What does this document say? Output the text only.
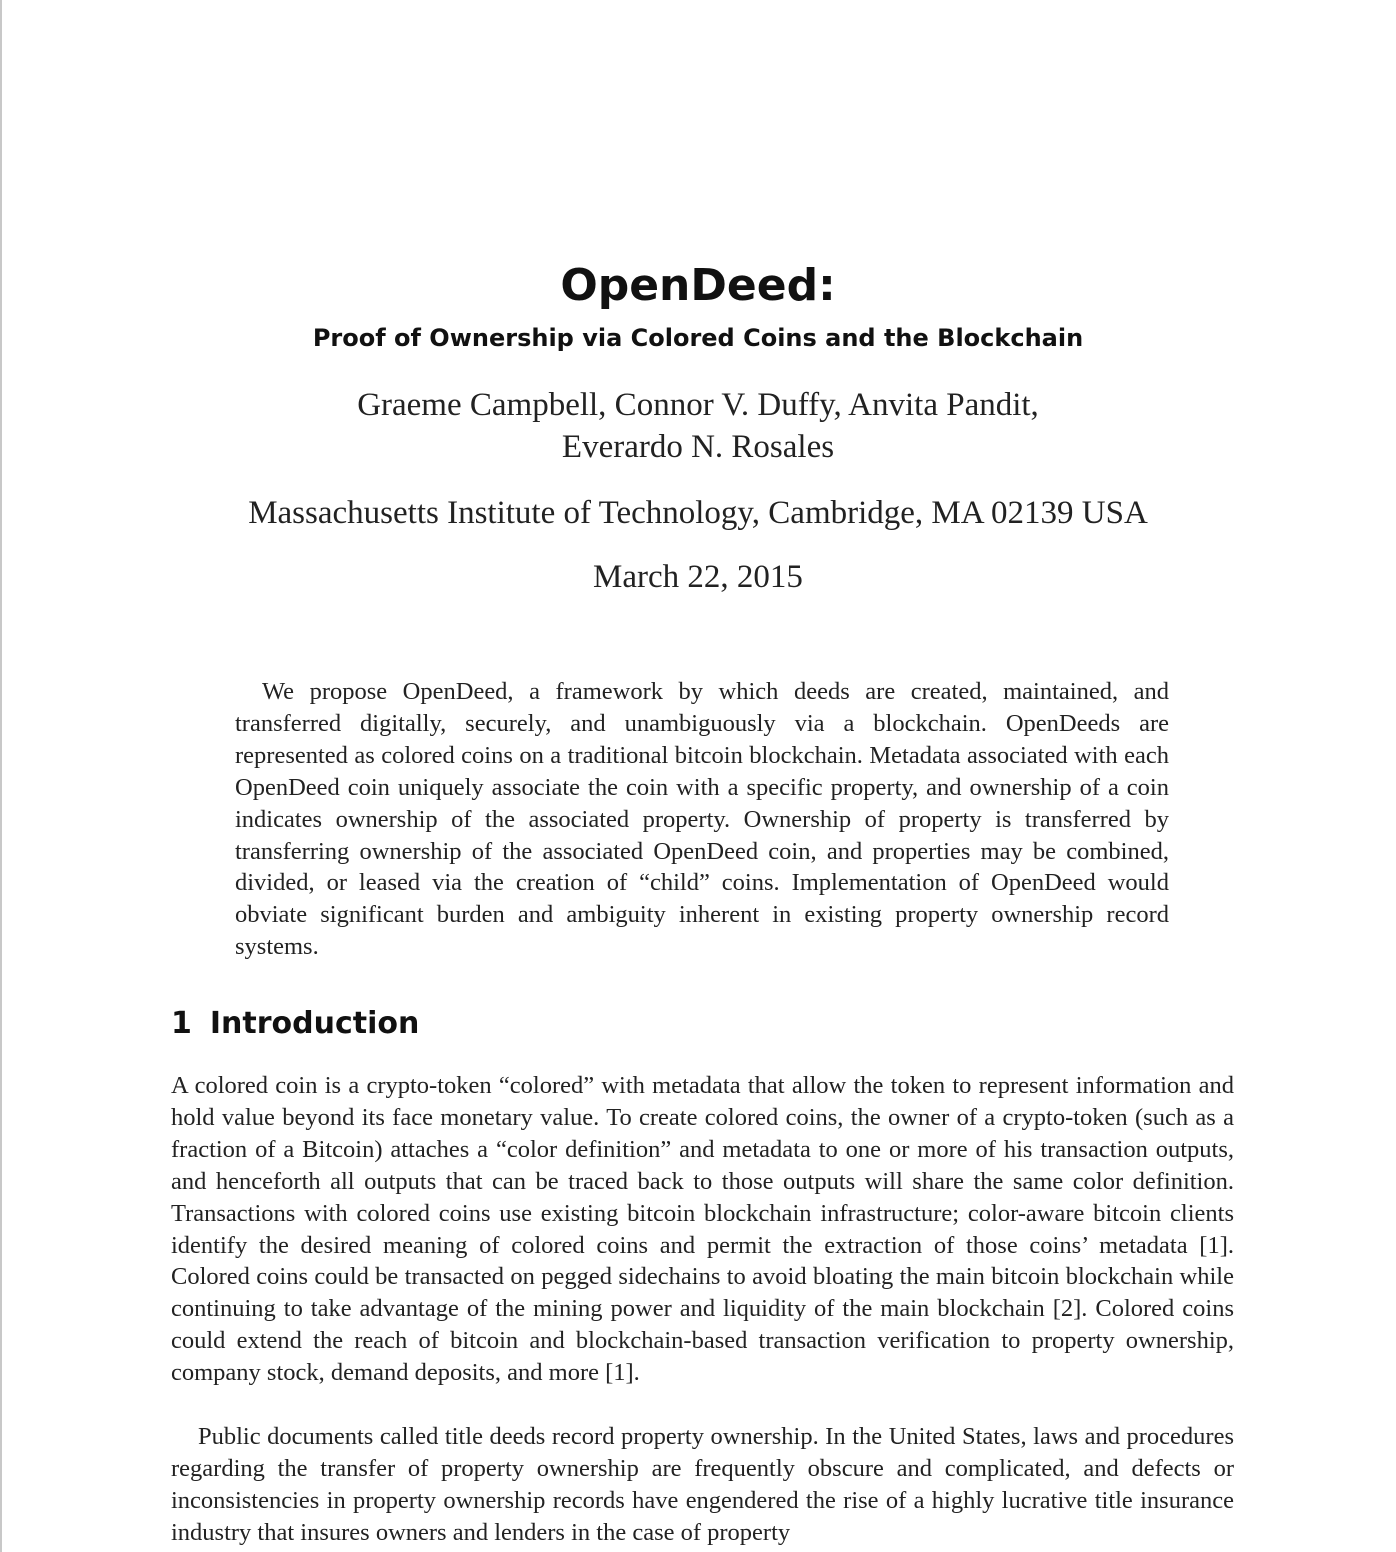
OpenDeed:
Proof of Ownership via Colored Coins and the Blockchain
Graeme Campbell, Connor V. Duffy, Anvita Pandit,
Everardo N. Rosales
Massachusetts Institute of Technology, Cambridge, MA 02139 USA
March 22, 2015

We propose OpenDeed, a framework by which deeds are created, maintained, and transferred digitally, securely, and unambiguously via a blockchain. OpenDeeds are represented as colored coins on a traditional bitcoin blockchain. Metadata associated with each OpenDeed coin uniquely associate the coin with a specific property, and ownership of a coin indicates ownership of the associated property. Ownership of property is transferred by transferring ownership of the associated OpenDeed coin, and properties may be combined, divided, or leased via the creation of “child” coins. Implementation of OpenDeed would obviate significant burden and ambiguity inherent in existing property ownership record systems.

1 Introduction

A colored coin is a crypto-token “colored” with metadata that allow the token to represent information and hold value beyond its face monetary value. To create colored coins, the owner of a crypto-token (such as a fraction of a Bitcoin) attaches a “color definition” and metadata to one or more of his transaction outputs, and henceforth all outputs that can be traced back to those outputs will share the same color definition. Transactions with colored coins use existing bitcoin blockchain infrastructure; color-aware bitcoin clients identify the desired meaning of colored coins and permit the extraction of those coins’ metadata [1]. Colored coins could be transacted on pegged sidechains to avoid bloating the main bitcoin blockchain while continuing to take advantage of the mining power and liquidity of the main blockchain [2]. Colored coins could extend the reach of bitcoin and blockchain-based transaction verification to property ownership, company stock, demand deposits, and more [1].

Public documents called title deeds record property ownership. In the United States, laws and procedures regarding the transfer of property ownership are frequently obscure and complicated, and defects or inconsistencies in property ownership records have engendered the rise of a highly lucrative title insurance industry that insures owners and lenders in the case of property
